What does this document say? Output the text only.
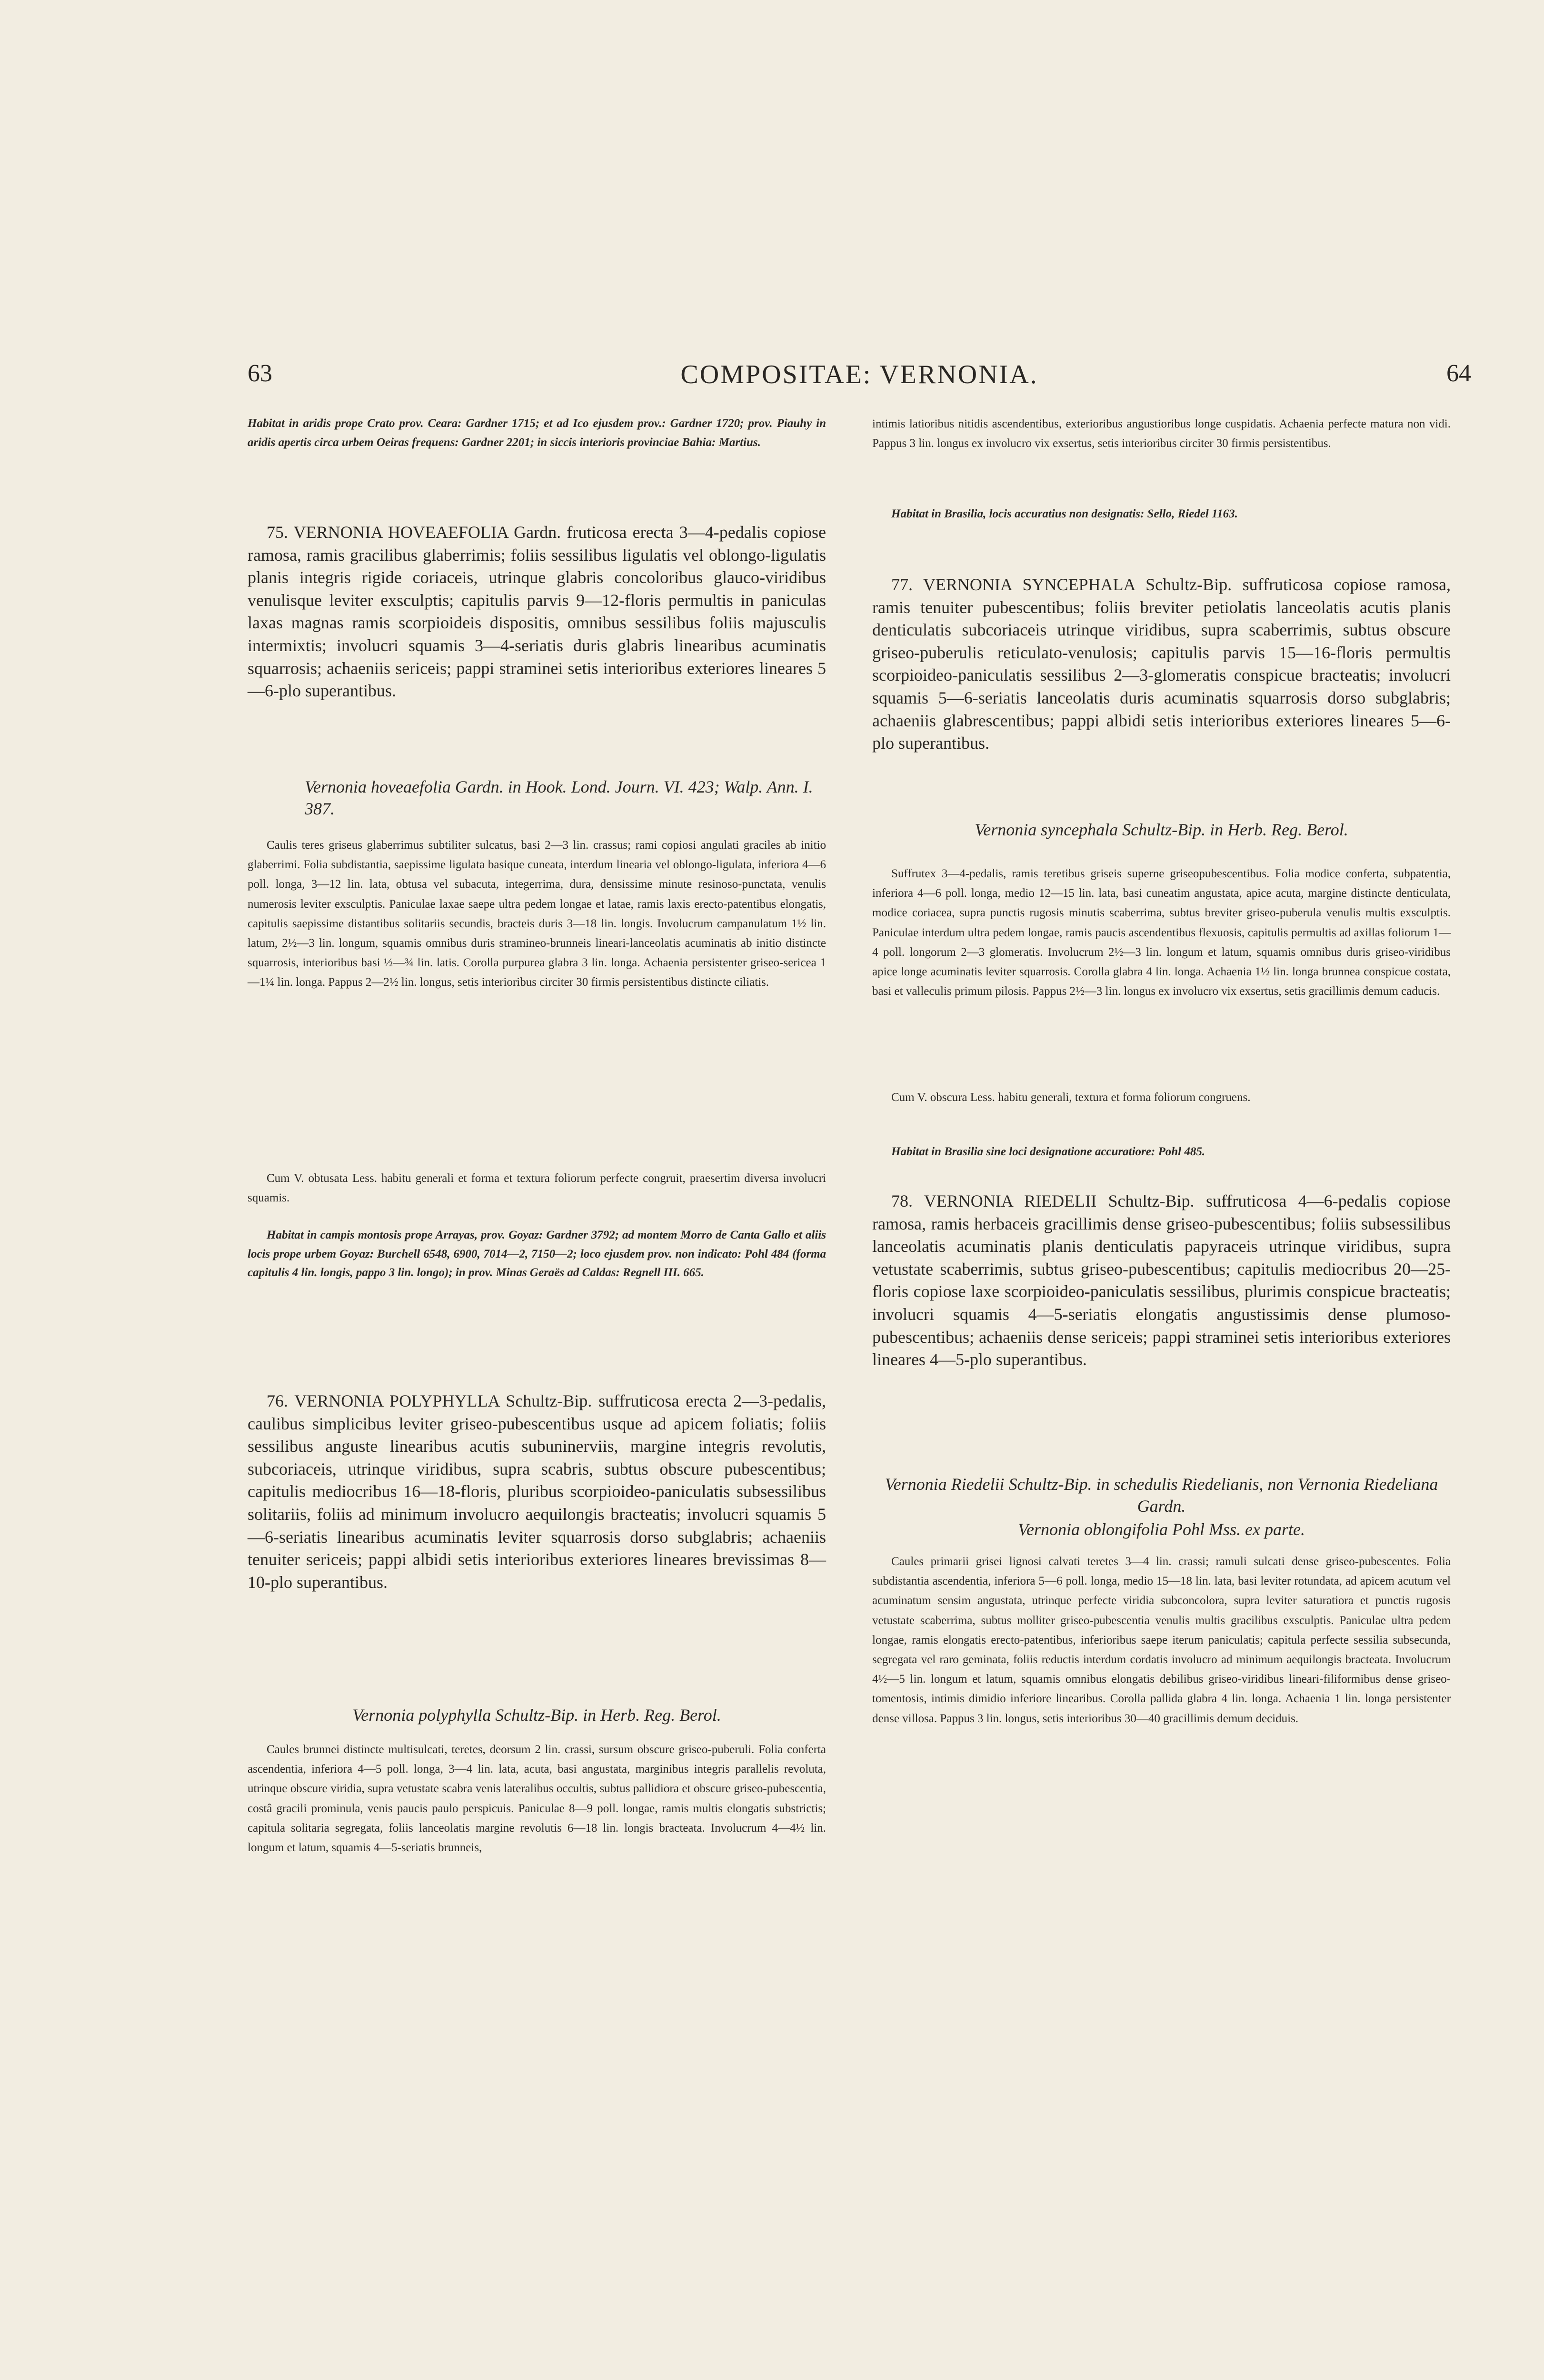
63	COMPOSITAE: VERNONIA.	64

Habitat in aridis prope Crato prov. Ceara: Gardner 1715; et ad Ico ejusdem prov.: Gardner 1720; prov. Piauhy in aridis apertis circa urbem Oeiras frequens: Gardner 2201; in siccis interioris provinciae Bahia: Martius.

75. VERNONIA HOVEAEFOLIA Gardn. fruticosa erecta 3—4-pedalis copiose ramosa, ramis gracilibus glaberrimis; foliis sessilibus ligulatis vel oblongo-ligulatis planis integris rigide coriaceis, utrinque glabris concoloribus glauco-viridibus venulisque leviter exsculptis; capitulis parvis 9—12-floris permultis in paniculas laxas magnas ramis scorpioideis dispositis, omnibus sessilibus foliis majusculis intermixtis; involucri squamis 3—4-seriatis duris glabris linearibus acuminatis squarrosis; achaeniis sericeis; pappi straminei setis interioribus exteriores lineares 5—6-plo superantibus.

Vernonia hoveaefolia Gardn. in Hook. Lond. Journ. VI. 423; Walp. Ann. I. 387.

Caulis teres griseus glaberrimus subtiliter sulcatus, basi 2—3 lin. crassus; rami copiosi angulati graciles ab initio glaberrimi. Folia subdistantia, saepissime ligulata basique cuneata, interdum linearia vel oblongo-ligulata, inferiora 4—6 poll. longa, 3—12 lin. lata, obtusa vel subacuta, integerrima, dura, densissime minute resinoso-punctata, venulis numerosis leviter exsculptis. Paniculae laxae saepe ultra pedem longae et latae, ramis laxis erecto-patentibus elongatis, capitulis saepissime distantibus solitariis secundis, bracteis duris 3—18 lin. longis. Involucrum campanulatum 1½ lin. latum, 2½—3 lin. longum, squamis omnibus duris stramineo-brunneis lineari-lanceolatis acuminatis ab initio distincte squarrosis, interioribus basi ½—¾ lin. latis. Corolla purpurea glabra 3 lin. longa. Achaenia persistenter griseo-sericea 1—1¼ lin. longa. Pappus 2—2½ lin. longus, setis interioribus circiter 30 firmis persistentibus distincte ciliatis.

Cum V. obtusata Less. habitu generali et forma et textura foliorum perfecte congruit, praesertim diversa involucri squamis.

Habitat in campis montosis prope Arrayas, prov. Goyaz: Gardner 3792; ad montem Morro de Canta Gallo et aliis locis prope urbem Goyaz: Burchell 6548, 6900, 7014—2, 7150—2; loco ejusdem prov. non indicato: Pohl 484 (forma capitulis 4 lin. longis, pappo 3 lin. longo); in prov. Minas Geraës ad Caldas: Regnell III. 665.

76. VERNONIA POLYPHYLLA Schultz-Bip. suffruticosa erecta 2—3-pedalis, caulibus simplicibus leviter griseo-pubescentibus usque ad apicem foliatis; foliis sessilibus anguste linearibus acutis subuninerviis, margine integris revolutis, subcoriaceis, utrinque viridibus, supra scabris, subtus obscure pubescentibus; capitulis mediocribus 16—18-floris, pluribus scorpioideo-paniculatis subsessilibus solitariis, foliis ad minimum involucro aequilongis bracteatis; involucri squamis 5—6-seriatis linearibus acuminatis leviter squarrosis dorso subglabris; achaeniis tenuiter sericeis; pappi albidi setis interioribus exteriores lineares brevissimas 8—10-plo superantibus.

Vernonia polyphylla Schultz-Bip. in Herb. Reg. Berol.

Caules brunnei distincte multisulcati, teretes, deorsum 2 lin. crassi, sursum obscure griseo-puberuli. Folia conferta ascendentia, inferiora 4—5 poll. longa, 3—4 lin. lata, acuta, basi angustata, marginibus integris parallelis revoluta, utrinque obscure viridia, supra vetustate scabra venis lateralibus occultis, subtus pallidiora et obscure griseo-pubescentia, costâ gracili prominula, venis paucis paulo perspicuis. Paniculae 8—9 poll. longae, ramis multis elongatis substrictis; capitula solitaria segregata, foliis lanceolatis margine revolutis 6—18 lin. longis bracteata. Involucrum 4—4½ lin. longum et latum, squamis 4—5-seriatis brunneis,

intimis latioribus nitidis ascendentibus, exterioribus angustioribus longe cuspidatis. Achaenia perfecte matura non vidi. Pappus 3 lin. longus ex involucro vix exsertus, setis interioribus circiter 30 firmis persistentibus.

Habitat in Brasilia, locis accuratius non designatis: Sello, Riedel 1163.

77. VERNONIA SYNCEPHALA Schultz-Bip. suffruticosa copiose ramosa, ramis tenuiter pubescentibus; foliis breviter petiolatis lanceolatis acutis planis denticulatis subcoriaceis utrinque viridibus, supra scaberrimis, subtus obscure griseo-puberulis reticulato-venulosis; capitulis parvis 15—16-floris permultis scorpioideo-paniculatis sessilibus 2—3-glomeratis conspicue bracteatis; involucri squamis 5—6-seriatis lanceolatis duris acuminatis squarrosis dorso subglabris; achaeniis glabrescentibus; pappi albidi setis interioribus exteriores lineares 5—6-plo superantibus.

Vernonia syncephala Schultz-Bip. in Herb. Reg. Berol.

Suffrutex 3—4-pedalis, ramis teretibus griseis superne griseopubescentibus. Folia modice conferta, subpatentia, inferiora 4—6 poll. longa, medio 12—15 lin. lata, basi cuneatim angustata, apice acuta, margine distincte denticulata, modice coriacea, supra punctis rugosis minutis scaberrima, subtus breviter griseo-puberula venulis multis exsculptis. Paniculae interdum ultra pedem longae, ramis paucis ascendentibus flexuosis, capitulis permultis ad axillas foliorum 1—4 poll. longorum 2—3 glomeratis. Involucrum 2½—3 lin. longum et latum, squamis omnibus duris griseo-viridibus apice longe acuminatis leviter squarrosis. Corolla glabra 4 lin. longa. Achaenia 1½ lin. longa brunnea conspicue costata, basi et valleculis primum pilosis. Pappus 2½—3 lin. longus ex involucro vix exsertus, setis gracillimis demum caducis.

Cum V. obscura Less. habitu generali, textura et forma foliorum congruens.

Habitat in Brasilia sine loci designatione accuratiore: Pohl 485.

78. VERNONIA RIEDELII Schultz-Bip. suffruticosa 4—6-pedalis copiose ramosa, ramis herbaceis gracillimis dense griseo-pubescentibus; foliis subsessilibus lanceolatis acuminatis planis denticulatis papyraceis utrinque viridibus, supra vetustate scaberrimis, subtus griseo-pubescentibus; capitulis mediocribus 20—25-floris copiose laxe scorpioideo-paniculatis sessilibus, plurimis conspicue bracteatis; involucri squamis 4—5-seriatis elongatis angustissimis dense plumoso-pubescentibus; achaeniis dense sericeis; pappi straminei setis interioribus exteriores lineares 4—5-plo superantibus.

Vernonia Riedelii Schultz-Bip. in schedulis Riedelianis, non Vernonia Riedeliana Gardn.

Vernonia oblongifolia Pohl Mss. ex parte.

Caules primarii grisei lignosi calvati teretes 3—4 lin. crassi; ramuli sulcati dense griseo-pubescentes. Folia subdistantia ascendentia, inferiora 5—6 poll. longa, medio 15—18 lin. lata, basi leviter rotundata, ad apicem acutum vel acuminatum sensim angustata, utrinque perfecte viridia subconcolora, supra leviter saturatiora et punctis rugosis vetustate scaberrima, subtus molliter griseo-pubescentia venulis multis gracilibus exsculptis. Paniculae ultra pedem longae, ramis elongatis erecto-patentibus, inferioribus saepe iterum paniculatis; capitula perfecte sessilia subsecunda, segregata vel raro geminata, foliis reductis interdum cordatis involucro ad minimum aequilongis bracteata. Involucrum 4½—5 lin. longum et latum, squamis omnibus elongatis debilibus griseo-viridibus lineari-filiformibus dense griseo-tomentosis, intimis dimidio inferiore linearibus. Corolla pallida glabra 4 lin. longa. Achaenia 1 lin. longa persistenter dense villosa. Pappus 3 lin. longus, setis interioribus 30—40 gracillimis demum deciduis.
